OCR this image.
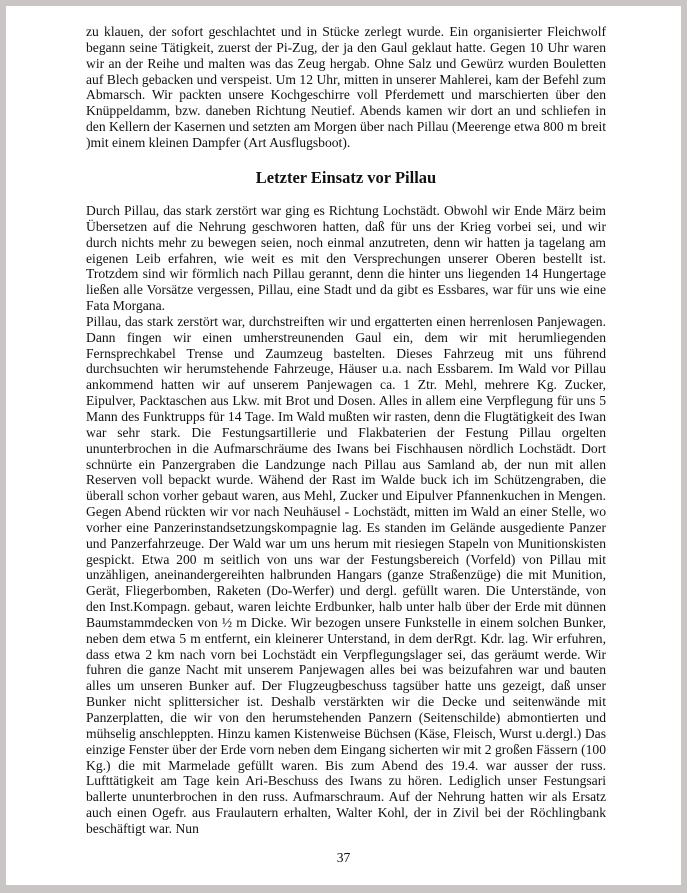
zu klauen, der sofort geschlachtet und in Stücke zerlegt wurde. Ein organisierter Fleichwolf begann seine Tätigkeit, zuerst der Pi-Zug, der ja den Gaul geklaut hatte. Gegen 10 Uhr waren wir an der Reihe und malten was das Zeug hergab. Ohne Salz und Gewürz wurden Bouletten auf Blech gebacken und verspeist. Um 12 Uhr, mitten in unserer Mahlerei, kam der Befehl zum Abmarsch. Wir packten unsere Kochgeschirre voll Pferdemett und marschierten über den Knüppeldamm, bzw. daneben Richtung Neutief. Abends kamen wir dort an und schliefen in den Kellern der Kasernen und setzten am Morgen über nach Pillau (Meerenge etwa 800 m breit )mit einem kleinen Dampfer (Art Ausflugsboot).

Letzter Einsatz vor Pillau

Durch Pillau, das stark zerstört war ging es Richtung Lochstädt. Obwohl wir Ende März beim Übersetzen auf die Nehrung geschworen hatten, daß für uns der Krieg vorbei sei, und wir durch nichts mehr zu bewegen seien, noch einmal anzutreten, denn wir hatten ja tagelang am eigenen Leib erfahren, wie weit es mit den Versprechungen unserer Oberen bestellt ist. Trotzdem sind wir förmlich nach Pillau gerannt, denn die hinter uns liegenden 14 Hungertage ließen alle Vorsätze vergessen, Pillau, eine Stadt und da gibt es Essbares, war für uns wie eine Fata Morgana.

Pillau, das stark zerstört war, durchstreiften wir und ergatterten einen herrenlosen Panjewagen. Dann fingen wir einen umherstreunenden Gaul ein, dem wir mit herumliegenden Fernsprechkabel Trense und Zaumzeug bastelten. Dieses Fahrzeug mit uns führend durchsuchten wir herumstehende Fahrzeuge, Häuser u.a. nach Essbarem. Im Wald vor Pillau ankommend hatten wir auf unserem Panjewagen ca. 1 Ztr. Mehl, mehrere Kg. Zucker, Eipulver, Packtaschen aus Lkw. mit Brot und Dosen. Alles in allem eine Verpflegung für uns 5 Mann des Funktrupps für 14 Tage. Im Wald mußten wir rasten, denn die Flugtätigkeit des Iwan war sehr stark. Die Festungsartillerie und Flakbaterien der Festung Pillau orgelten ununterbrochen in die Aufmarschräume des Iwans bei Fischhausen nördlich Lochstädt. Dort schnürte ein Panzergraben die Landzunge nach Pillau aus Samland ab, der nun mit allen Reserven voll bepackt wurde. Wähend der Rast im Walde buck ich im Schützengraben, die überall schon vorher gebaut waren, aus Mehl, Zucker und Eipulver Pfannenkuchen in Mengen. Gegen Abend rückten wir vor nach Neuhäusel - Lochstädt, mitten im Wald an einer Stelle, wo vorher eine Panzerinstandsetzungskompagnie lag. Es standen im Gelände ausgediente Panzer und Panzerfahrzeuge. Der Wald war um uns herum mit riesiegen Stapeln von Munitionskisten gespickt. Etwa 200 m seitlich von uns war der Festungsbereich (Vorfeld) von Pillau mit unzähligen, aneinandergereihten halbrunden Hangars (ganze Straßenzüge) die mit Munition, Gerät, Fliegerbomben, Raketen (Do-Werfer) und dergl. gefüllt waren. Die Unterstände, von den Inst.Kompagn. gebaut, waren leichte Erdbunker, halb unter halb über der Erde mit dünnen Baumstammdecken von ½ m Dicke. Wir bezogen unsere Funkstelle in einem solchen Bunker, neben dem etwa 5 m entfernt, ein kleinerer Unterstand, in dem derRgt. Kdr. lag. Wir erfuhren, dass etwa 2 km nach vorn bei Lochstädt ein Verpflegungslager sei, das geräumt werde. Wir fuhren die ganze Nacht mit unserem Panjewagen alles bei was beizufahren war und bauten alles um unseren Bunker auf. Der Flugzeugbeschuss tagsüber hatte uns gezeigt, daß unser Bunker nicht splittersicher ist. Deshalb verstärkten wir die Decke und seitenwände mit Panzerplatten, die wir von den herumstehenden Panzern (Seitenschilde) abmontierten und mühselig anschleppten. Hinzu kamen Kistenweise Büchsen (Käse, Fleisch, Wurst u.dergl.) Das einzige Fenster über der Erde vorn neben dem Eingang sicherten wir mit 2 großen Fässern (100 Kg.) die mit Marmelade gefüllt waren. Bis zum Abend des 19.4. war ausser der russ. Lufttätigkeit am Tage kein Ari-Beschuss des Iwans zu hören. Lediglich unser Festungsari ballerte ununterbrochen in den russ. Aufmarschraum. Auf der Nehrung hatten wir als Ersatz auch einen Ogefr. aus Fraulautern erhalten, Walter Kohl, der in Zivil bei der Röchlingbank beschäftigt war. Nun

37
